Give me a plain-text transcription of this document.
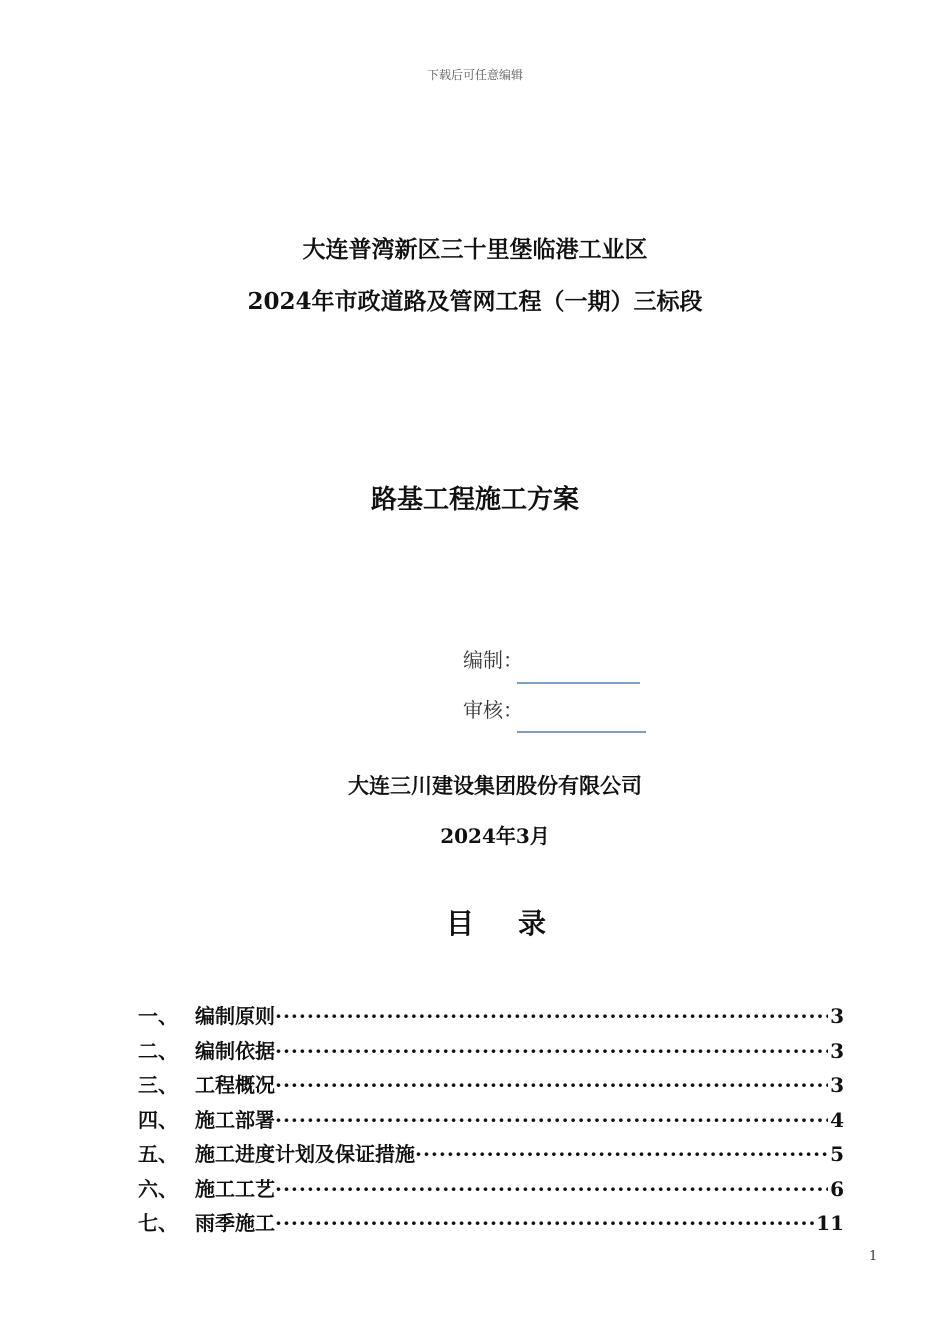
下载后可任意编辑
大连普湾新区三十里堡临港工业区
2024年市政道路及管网工程（一期）三标段
路基工程施工方案
编制：
审核：
大连三川建设集团股份有限公司
2024年3月
目录
一、 编制原则 ·····	3
二、 编制依据 ·····	3
三、 工程概况 ·····	3
四、 施工部署 ·····	4
五、 施工进度计划及保证措施 ·····	5
六、 施工工艺 ·····	6
七、 雨季施工 ·····	11
1
